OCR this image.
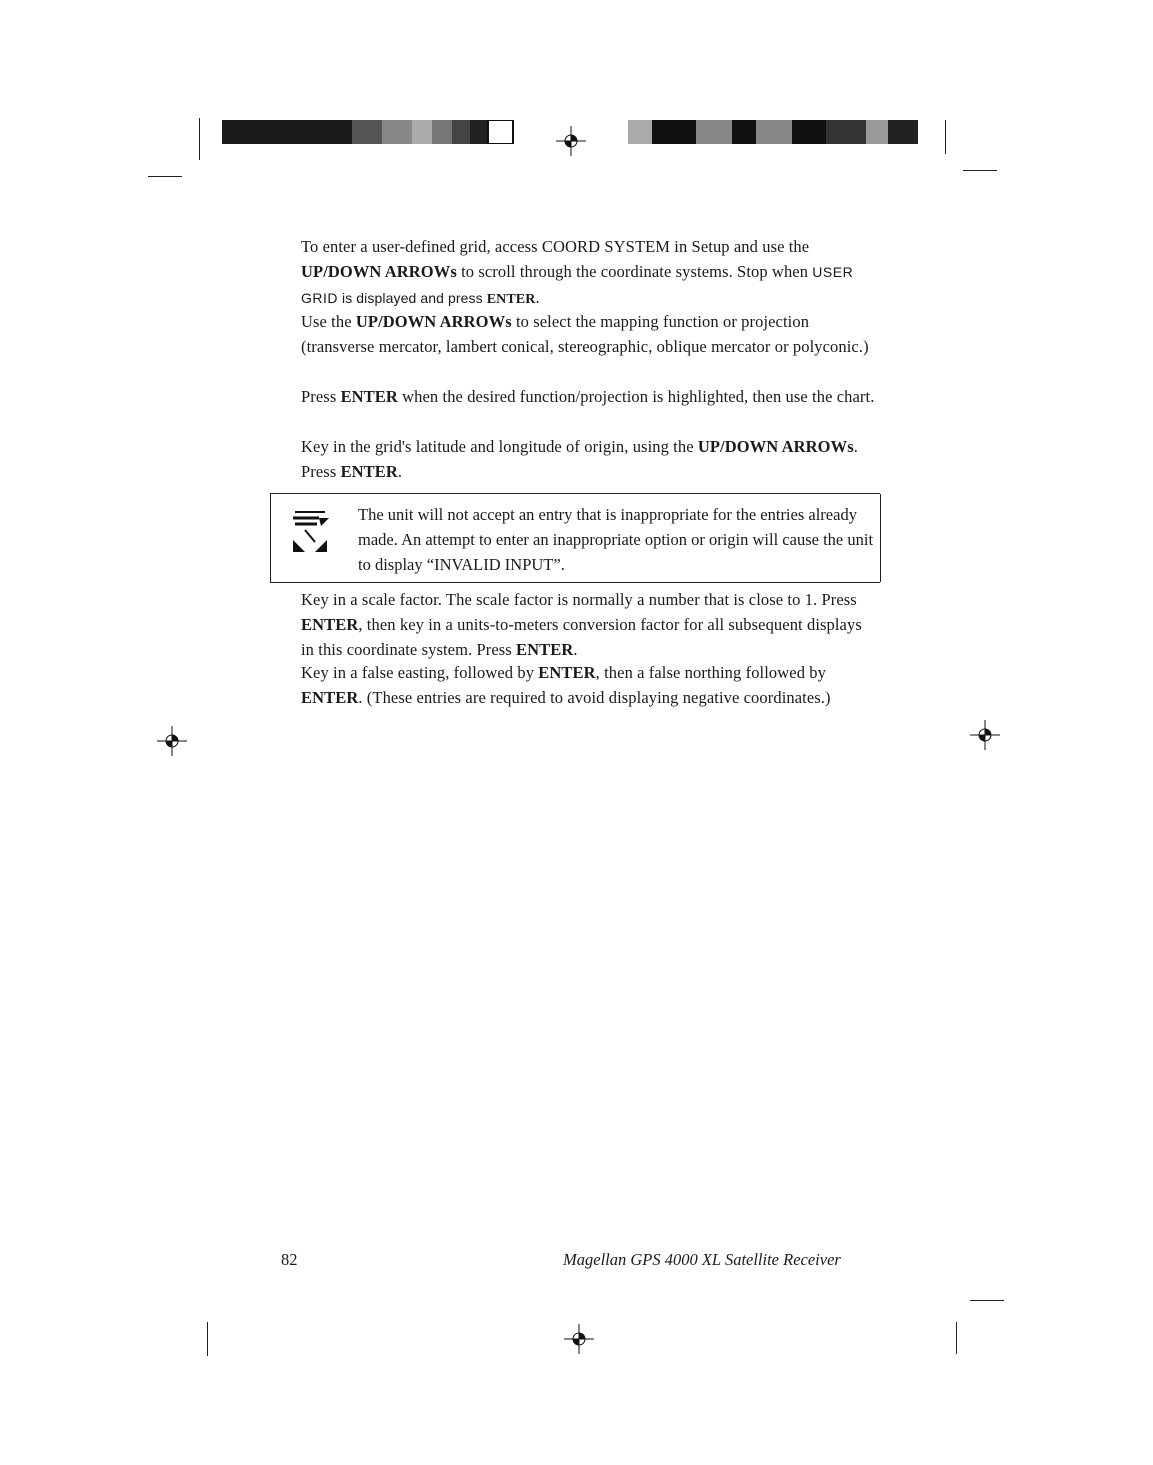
To enter a user-defined grid, access COORD SYSTEM in Setup and use the UP/DOWN ARROWs to scroll through the coordinate systems. Stop when USER GRID is displayed and press ENTER.

Use the UP/DOWN ARROWs to select the mapping function or projection (transverse mercator, lambert conical, stereographic, oblique mercator or polyconic.)

Press ENTER when the desired function/projection is highlighted, then use the chart.

Key in the grid's latitude and longitude of origin, using the UP/DOWN ARROWs. Press ENTER.

The unit will not accept an entry that is inappropriate for the entries already made. An attempt to enter an inappropriate option or origin will cause the unit to display “INVALID INPUT”.

Key in a scale factor. The scale factor is normally a number that is close to 1. Press ENTER, then key in a units-to-meters conversion factor for all subsequent displays in this coordinate system. Press ENTER.

Key in a false easting, followed by ENTER, then a false northing followed by ENTER. (These entries are required to avoid displaying negative coordinates.)

82	Magellan GPS 4000 XL Satellite Receiver
